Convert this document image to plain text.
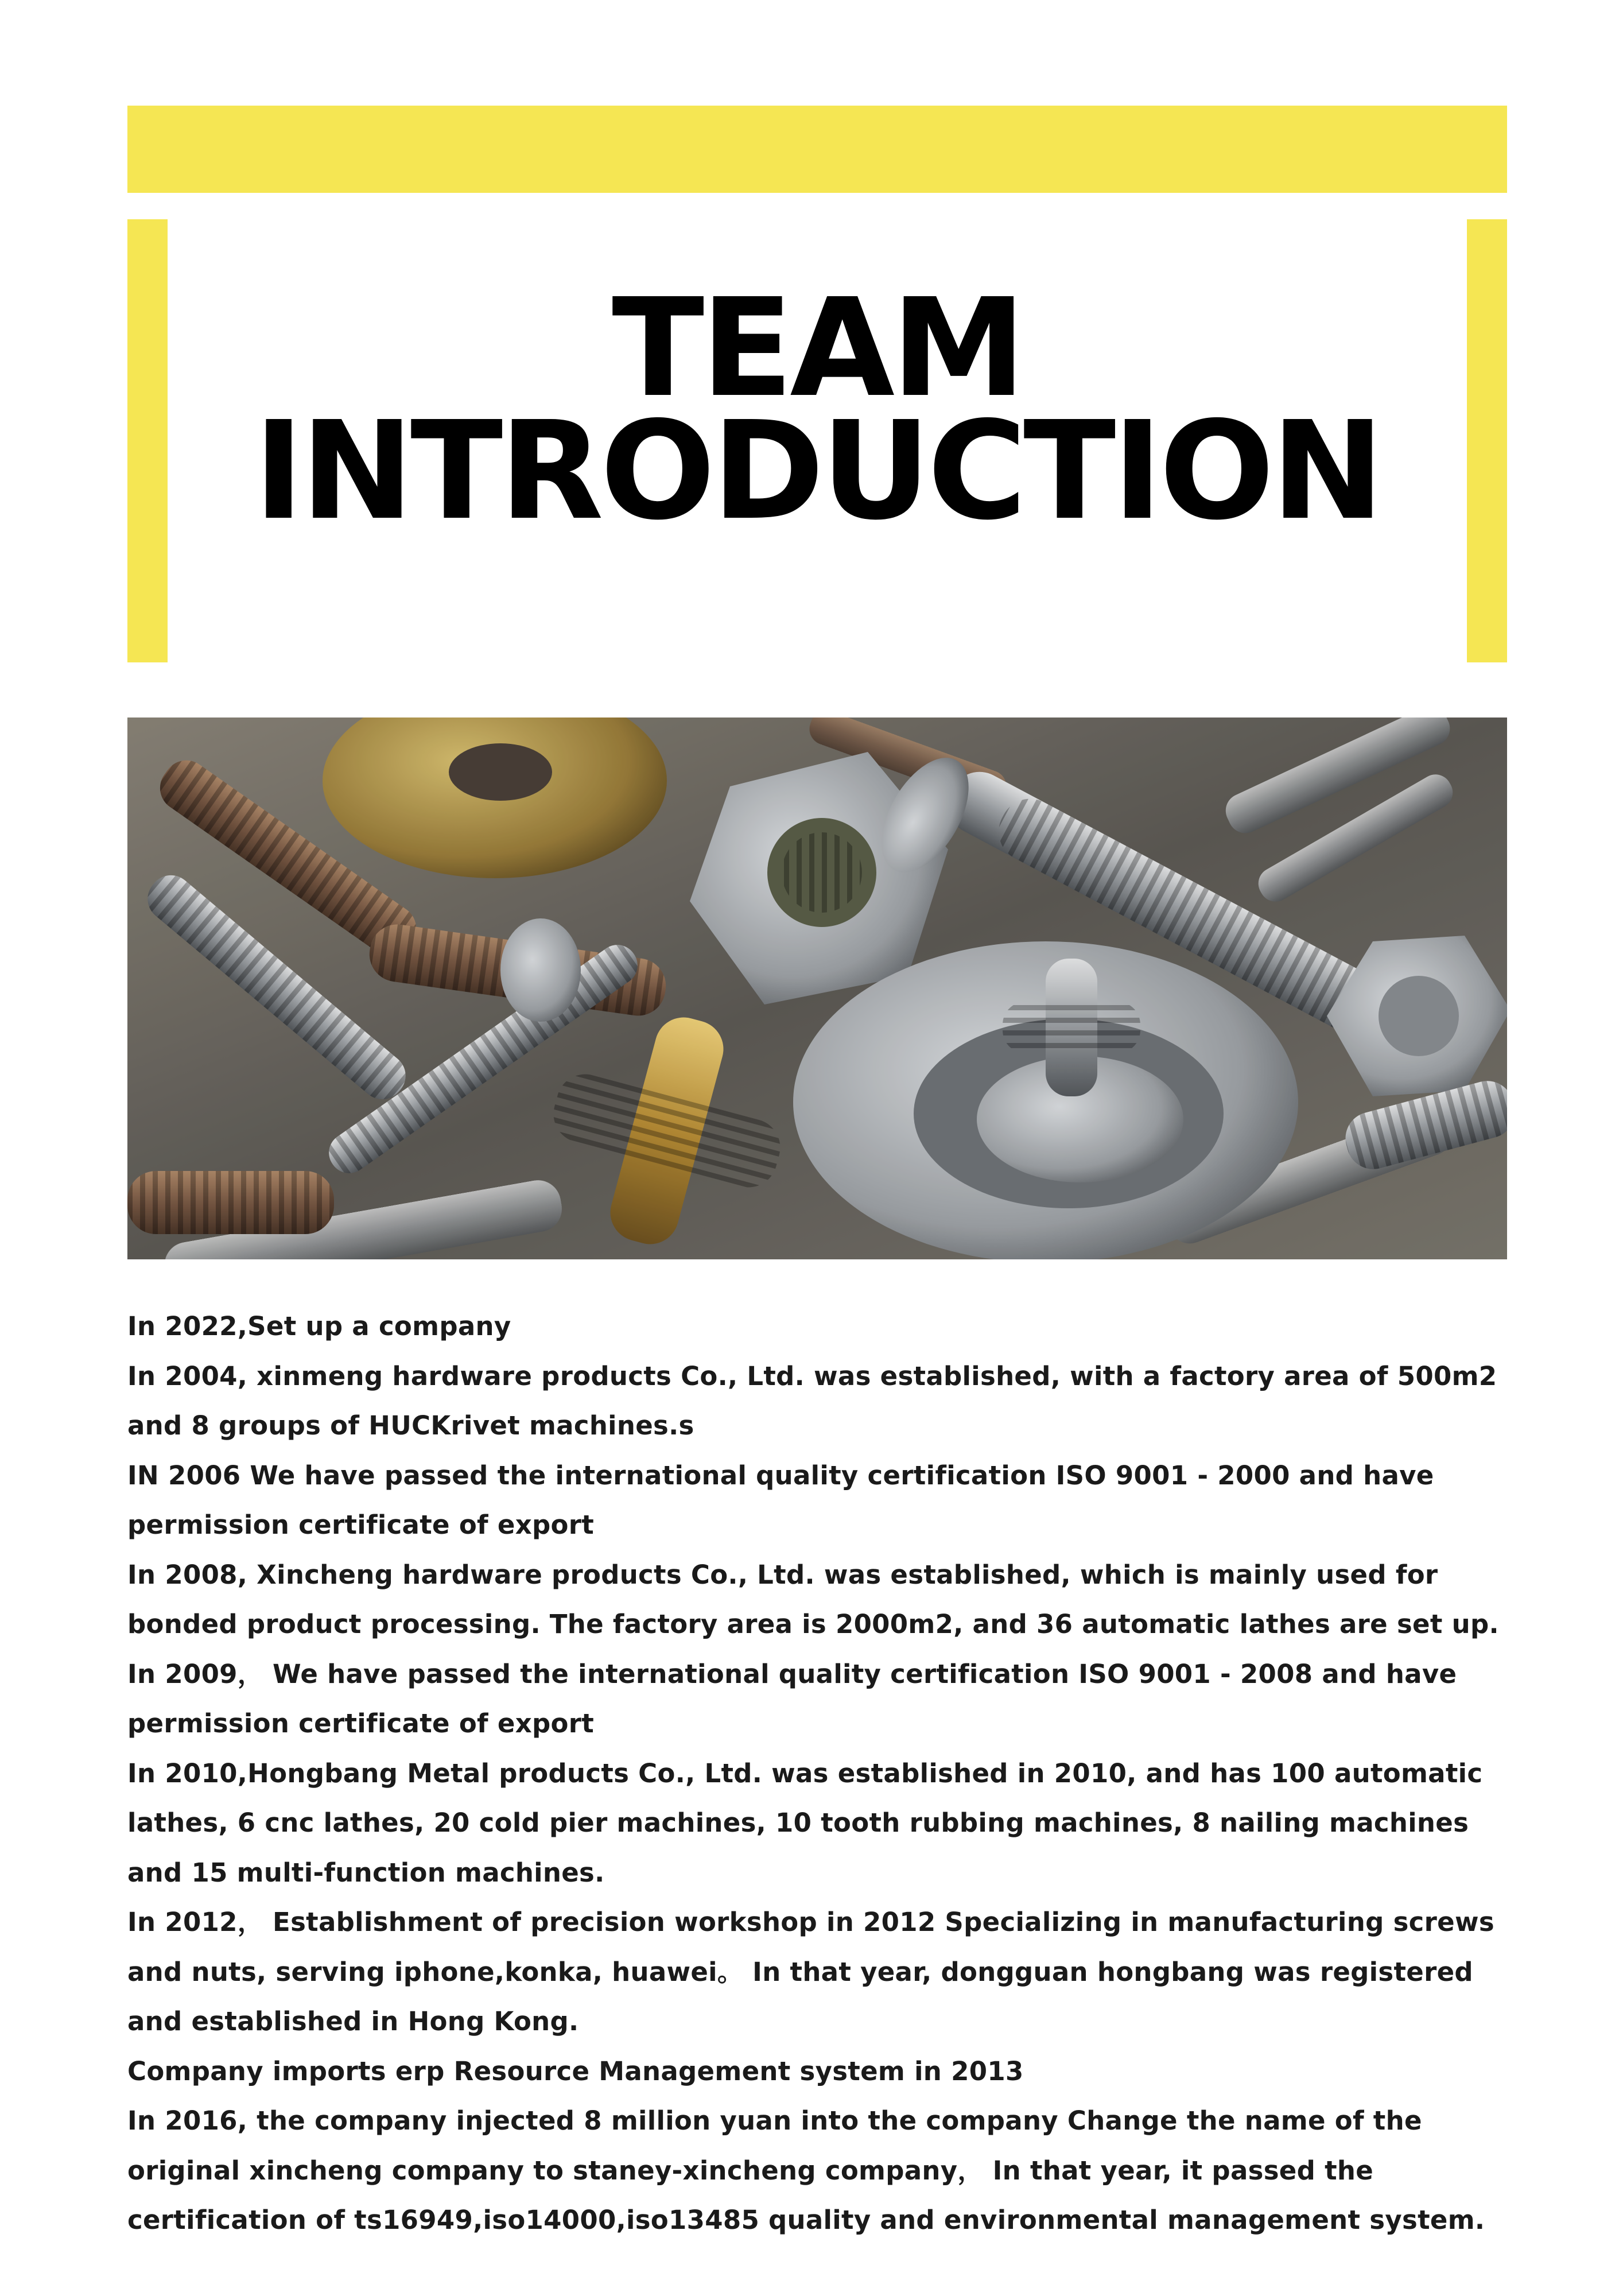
TEAM
INTRODUCTION
In 2022,Set up a company
In 2004, xinmeng hardware products Co., Ltd. was established, with a factory area of 500m2 and 8 groups of HUCKrivet machines.s
IN 2006 We have passed the international quality certification ISO 9001 - 2000 and have permission certificate of export
In 2008, Xincheng hardware products Co., Ltd. was established, which is mainly used for bonded product processing. The factory area is 2000m2, and 36 automatic lathes are set up.
In 2009， We have passed the international quality certification ISO 9001 - 2008 and have permission certificate of export
In 2010,Hongbang Metal products Co., Ltd. was established in 2010, and has 100 automatic lathes, 6 cnc lathes, 20 cold pier machines, 10 tooth rubbing machines, 8 nailing machines and 15 multi-function machines.
In 2012， Establishment of precision workshop in 2012 Specializing in manufacturing screws and nuts, serving iphone,konka, huawei。 In that year, dongguan hongbang was registered and established in Hong Kong.
Company imports erp Resource Management system in 2013
In 2016, the company injected 8 million yuan into the company Change the name of the original xincheng company to staney-xincheng company， In that year, it passed the certification of ts16949,iso14000,iso13485 quality and environmental management system.
